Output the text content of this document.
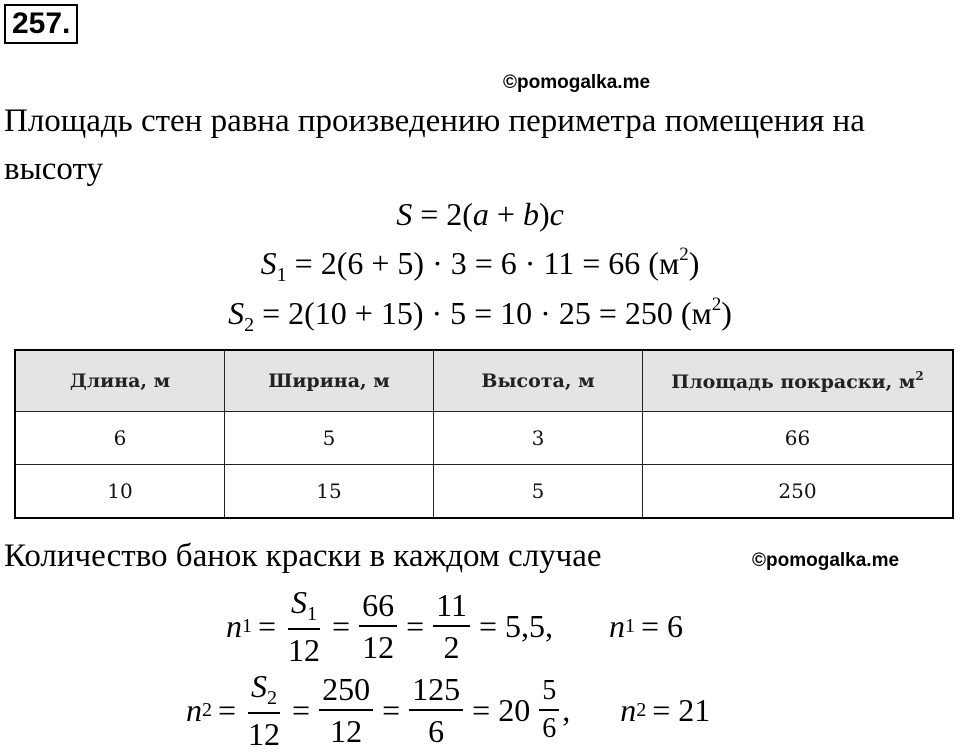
257.
©pomogalka.me
Площадь стен равна произведению периметра помещения на
высоту
S = 2(a + b)c
$S_1 = 2(6 + 5) \cdot 3 = 6 \cdot 11 = 66$ $(м^2)$
$S_2 = 2(10 + 15) \cdot 5 = 10 \cdot 25 = 250$ $(м^2)$
Длина, м	Ширина, м	Высота, м	Площадь покраски, $м^2$
6	5	3	66
10	15	5	250
Количество банок краски в каждом случае	©pomogalka.me
n $1 = \frac{S_1}{12} = \frac{66}{12} = \frac{11}{2} = 5,5$, n 1 = 6
n $2 = \frac{S_2}{12} = \frac{250}{12} = \frac{125}{6} = 20 \frac{5}{6}$ , n 2 = 21
